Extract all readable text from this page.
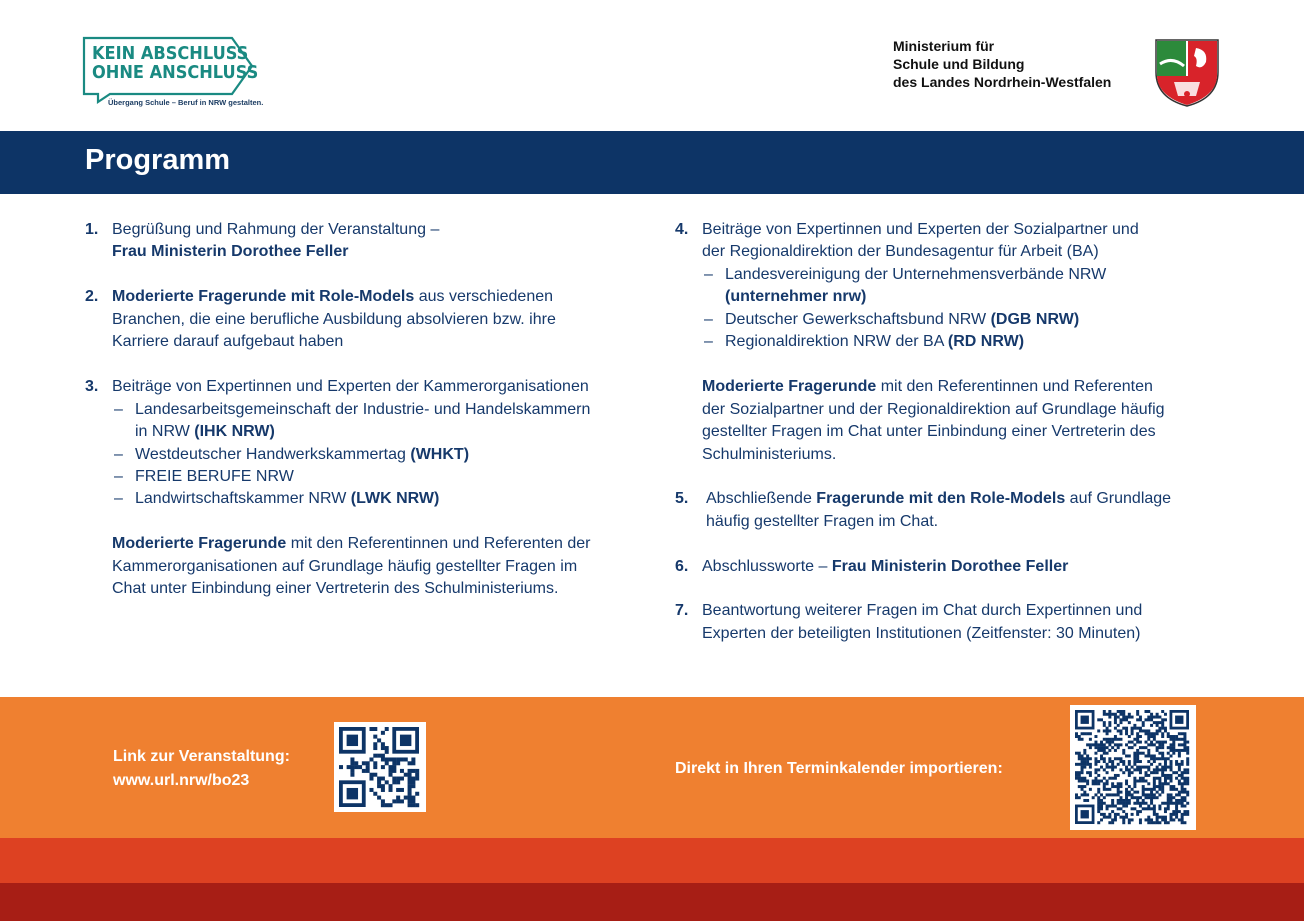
KEIN ABSCHLUSS
OHNE ANSCHLUSS
Übergang Schule – Beruf in NRW gestalten.
Ministerium für
Schule und Bildung
des Landes Nordrhein-Westfalen
Programm
1. Begrüßung und Rahmung der Veranstaltung –
Frau Ministerin Dorothee Feller
2. Moderierte Fragerunde mit Role-Models aus verschiedenen
Branchen, die eine berufliche Ausbildung absolvieren bzw. ihre
Karriere darauf aufgebaut haben
3. Beiträge von Expertinnen und Experten der Kammerorganisationen
– Landesarbeitsgemeinschaft der Industrie- und Handelskammern
in NRW (IHK NRW)
– Westdeutscher Handwerkskammertag (WHKT)
– FREIE BERUFE NRW
– Landwirtschaftskammer NRW (LWK NRW)
Moderierte Fragerunde mit den Referentinnen und Referenten der
Kammerorganisationen auf Grundlage häufig gestellter Fragen im
Chat unter Einbindung einer Vertreterin des Schulministeriums.
4. Beiträge von Expertinnen und Experten der Sozialpartner und
der Regionaldirektion der Bundesagentur für Arbeit (BA)
– Landesvereinigung der Unternehmensverbände NRW
(unternehmer nrw)
– Deutscher Gewerkschaftsbund NRW (DGB NRW)
– Regionaldirektion NRW der BA (RD NRW)
Moderierte Fragerunde mit den Referentinnen und Referenten
der Sozialpartner und der Regionaldirektion auf Grundlage häufig
gestellter Fragen im Chat unter Einbindung einer Vertreterin des
Schulministeriums.
5. Abschließende Fragerunde mit den Role-Models auf Grundlage
häufig gestellter Fragen im Chat.
6. Abschlussworte – Frau Ministerin Dorothee Feller
7. Beantwortung weiterer Fragen im Chat durch Expertinnen und
Experten der beteiligten Institutionen (Zeitfenster: 30 Minuten)
Link zur Veranstaltung:
www.url.nrw/bo23
Direkt in Ihren Terminkalender importieren:
